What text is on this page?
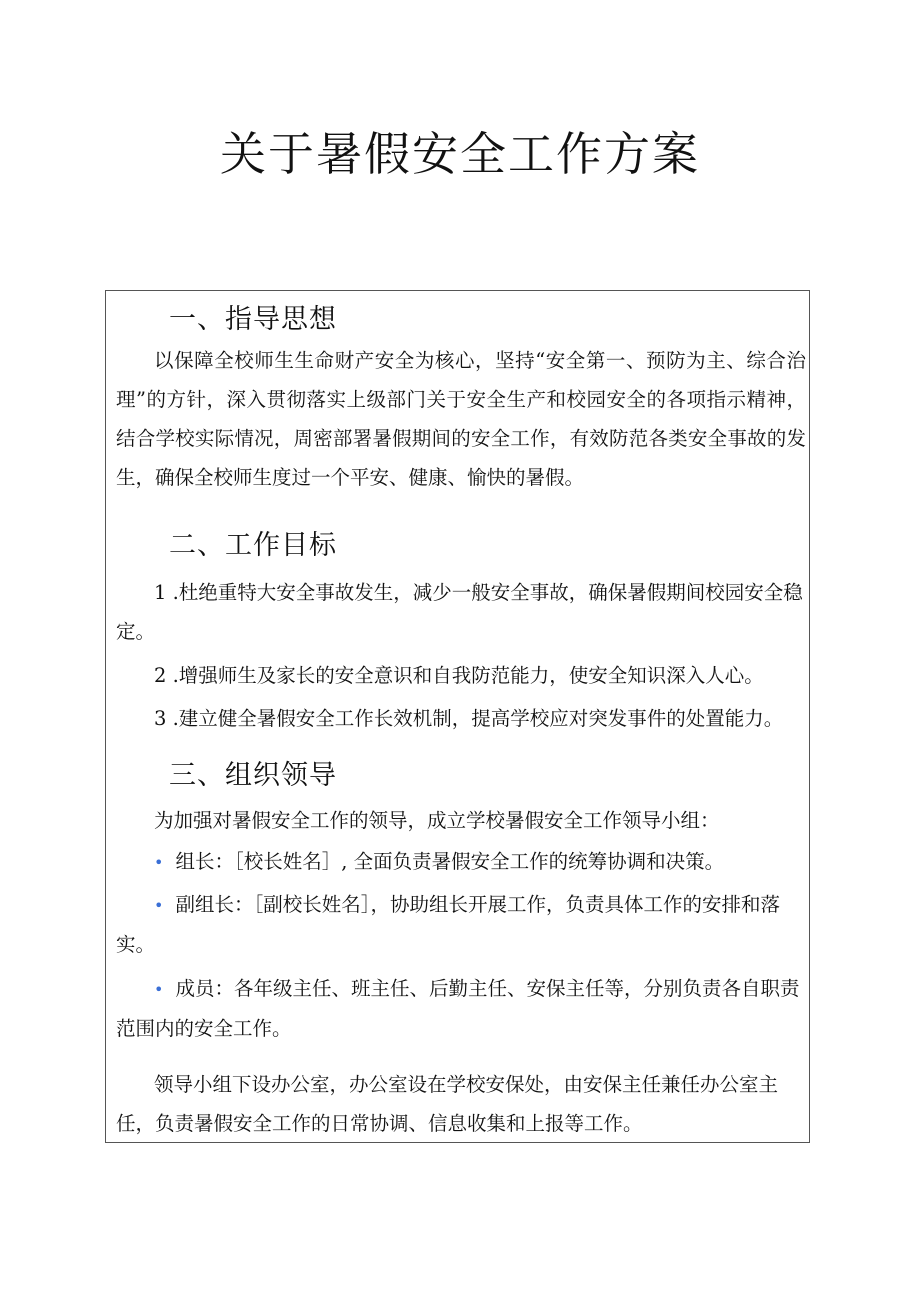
关于暑假安全工作方案
一、指导思想

以保障全校师生生命财产安全为核心，坚持“安全第一、预防为主、综合治理”的方针，深入贯彻落实上级部门关于安全生产和校园安全的各项指示精神，结合学校实际情况，周密部署暑假期间的安全工作，有效防范各类安全事故的发生，确保全校师生度过一个平安、健康、愉快的暑假。

二、工作目标

1 .杜绝重特大安全事故发生，减少一般安全事故，确保暑假期间校园安全稳定。

2 .增强师生及家长的安全意识和自我防范能力，使安全知识深入人心。

3 .建立健全暑假安全工作长效机制，提高学校应对突发事件的处置能力。

三、组织领导

为加强对暑假安全工作的领导，成立学校暑假安全工作领导小组：

• 组长：［校长姓名］, 全面负责暑假安全工作的统筹协调和决策。

• 副组长：［副校长姓名］，协助组长开展工作，负责具体工作的安排和落实。

• 成员：各年级主任、班主任、后勤主任、安保主任等，分别负责各自职责范围内的安全工作。

领导小组下设办公室，办公室设在学校安保处，由安保主任兼任办公室主任，负责暑假安全工作的日常协调、信息收集和上报等工作。
